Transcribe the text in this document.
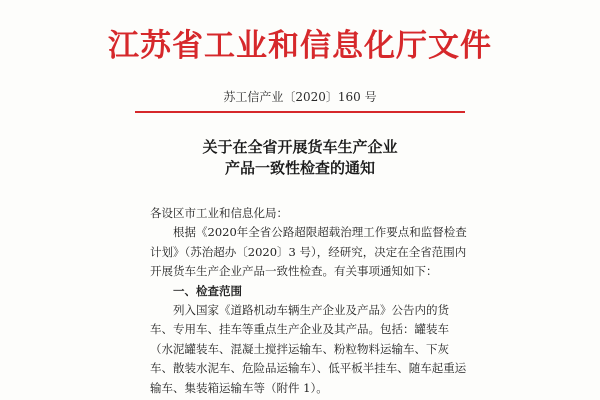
江苏省工业和信息化厅文件
苏工信产业〔2020〕160 号
关于在全省开展货车生产企业
产品一致性检查的通知

各设区市工业和信息化局：

根据《2020年全省公路超限超载治理工作要点和监督检查计划》（苏治超办〔2020〕3 号），经研究，决定在全省范围内开展货车生产企业产品一致性检查。有关事项通知如下：

一、检查范围

列入国家《道路机动车辆生产企业及产品》公告内的货车、专用车、挂车等重点生产企业及其产品。包括：罐装车（水泥罐装车、混凝土搅拌运输车、粉粒物料运输车、下灰车、散装水泥车、危险品运输车）、低平板半挂车、随车起重运输车、集装箱运输车等（附件 1）。
